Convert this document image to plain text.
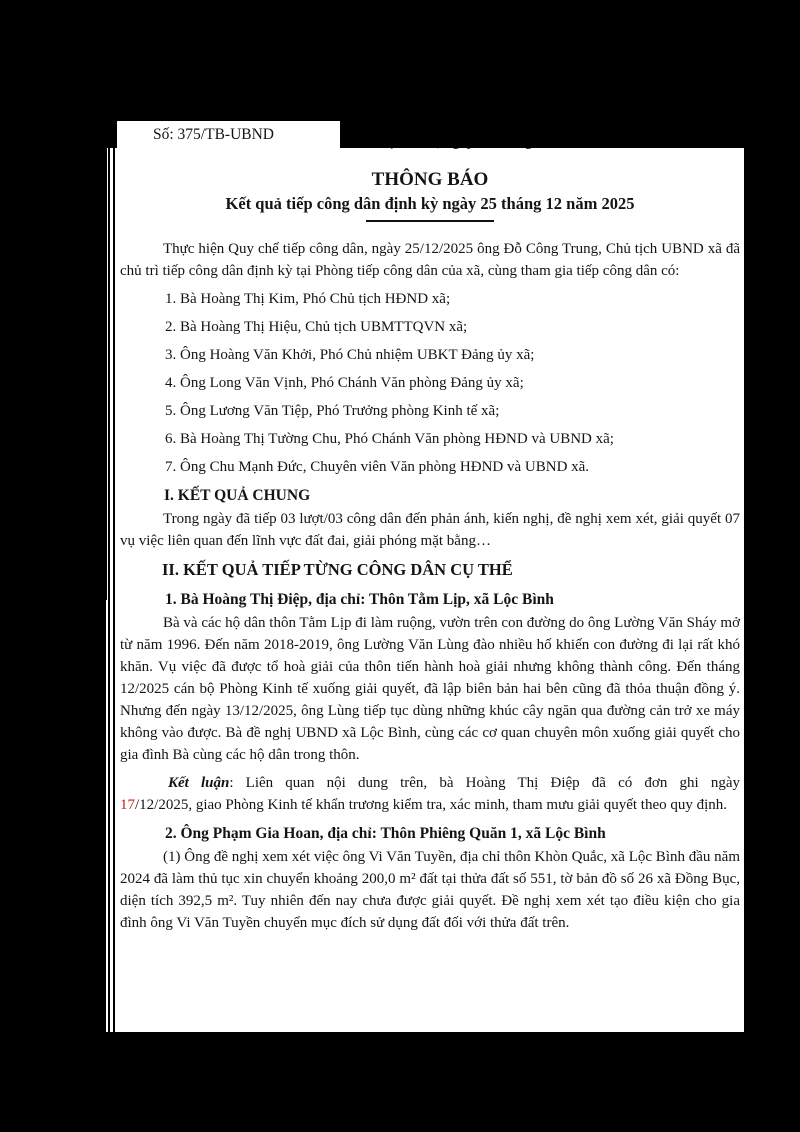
THÔNG BÁO
Kết quả tiếp công dân định kỳ ngày 25 tháng 12 năm 2025
Thực hiện Quy chế tiếp công dân, ngày 25/12/2025 ông Đỗ Công Trung, Chủ tịch UBND xã đã chủ trì tiếp công dân định kỳ tại Phòng tiếp công dân của xã, cùng tham gia tiếp công dân có:
1. Bà Hoàng Thị Kim, Phó Chủ tịch HĐND xã;
2. Bà Hoàng Thị Hiệu, Chủ tịch UBMTTQVN xã;
3. Ông Hoàng Văn Khởi, Phó Chủ nhiệm UBKT Đảng ủy xã;
4. Ông Long Văn Vịnh, Phó Chánh Văn phòng Đảng ủy xã;
5. Ông Lương Văn Tiệp, Phó Trưởng phòng Kinh tế xã;
6. Bà Hoàng Thị Tường Chu, Phó Chánh Văn phòng HĐND và UBND xã;
7. Ông Chu Mạnh Đức, Chuyên viên Văn phòng HĐND và UBND xã.
I. KẾT QUẢ CHUNG
Trong ngày đã tiếp 03 lượt/03 công dân đến phản ánh, kiến nghị, đề nghị xem xét, giải quyết 07 vụ việc liên quan đến lĩnh vực đất đai, giải phóng mặt bằng…
II. KẾT QUẢ TIẾP TỪNG CÔNG DÂN CỤ THỂ
1. Bà Hoàng Thị Điệp, địa chỉ: Thôn Tằm Lịp, xã Lộc Bình
Bà và các hộ dân thôn Tằm Lịp đi làm ruộng, vườn trên con đường do ông Lường Văn Sháy mở từ năm 1996. Đến năm 2018-2019, ông Lường Văn Lùng đào nhiều hố khiến con đường đi lại rất khó khăn. Vụ việc đã được tổ hoà giải của thôn tiến hành hoà giải nhưng không thành công. Đến tháng 12/2025 cán bộ Phòng Kinh tế xuống giải quyết, đã lập biên bản hai bên cũng đã thỏa thuận đồng ý. Nhưng đến ngày 13/12/2025, ông Lùng tiếp tục dùng những khúc cây ngăn qua đường cản trở xe máy không vào được. Bà đề nghị UBND xã Lộc Bình, cùng các cơ quan chuyên môn xuống giải quyết cho gia đình Bà cùng các hộ dân trong thôn.
Kết luận: Liên quan nội dung trên, bà Hoàng Thị Điệp đã có đơn ghi ngày
17/12/2025, giao Phòng Kinh tế khẩn trương kiểm tra, xác minh, tham mưu giải quyết theo quy định.
2. Ông Phạm Gia Hoan, địa chỉ: Thôn Phiêng Quăn 1, xã Lộc Bình
(1) Ông đề nghị xem xét việc ông Vi Văn Tuyền, địa chỉ thôn Khòn Quắc, xã Lộc Bình đầu năm 2024 đã làm thủ tục xin chuyển khoảng 200,0 m² đất tại thửa đất số 551, tờ bản đồ số 26 xã Đồng Bục, diện tích 392,5 m². Tuy nhiên đến nay chưa được giải quyết. Đề nghị xem xét tạo điều kiện cho gia đình ông Vi Văn Tuyền chuyển mục đích sử dụng đất đối với thửa đất trên.
Số: 375/TB-UBND
